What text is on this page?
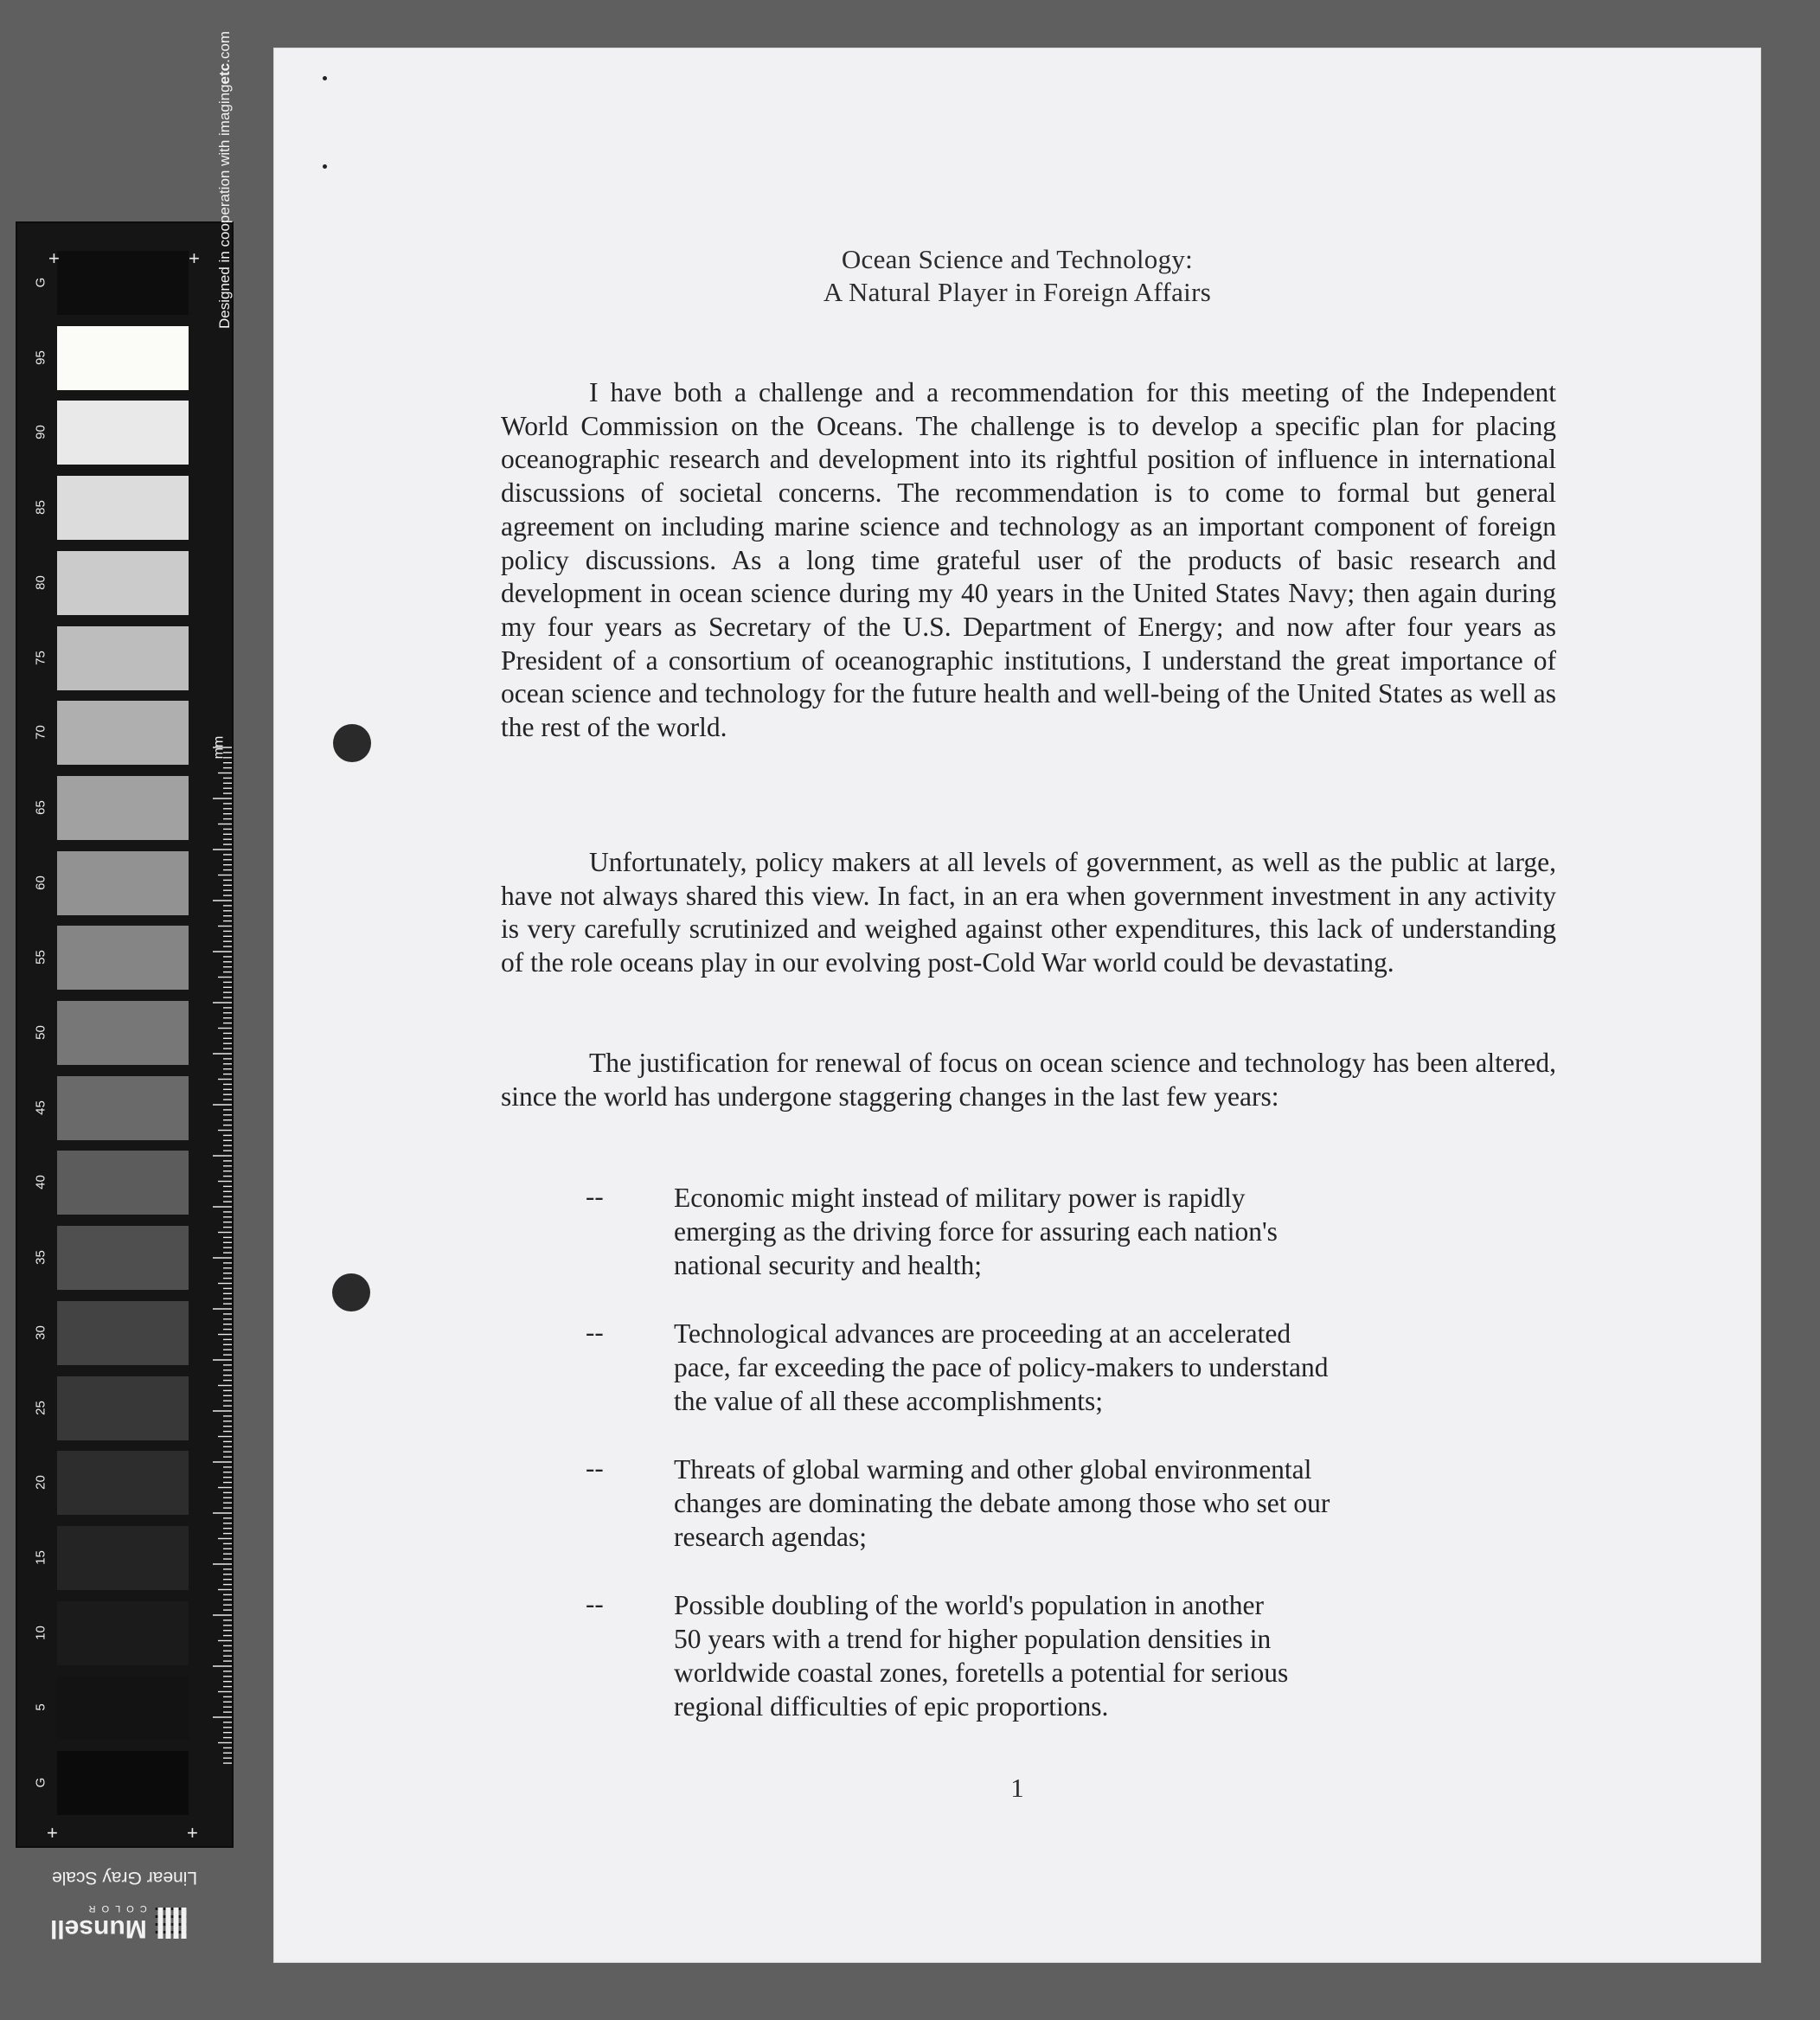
G
95
90
85
80
75
70
65
60
55
50
45
40
35
30
25
20
15
10
5
G
+	+
+	+
Designed in cooperation with imagingetc.com
mm
Linear Gray Scale
Munsell
COLOR
Ocean Science and Technology:
A Natural Player in Foreign Affairs

I have both a challenge and a recommendation for this meeting of the Independent World Commission on the Oceans. The challenge is to develop a specific plan for placing oceanographic research and development into its rightful position of influence in international discussions of societal concerns. The recommendation is to come to formal but general agreement on including marine science and technology as an important component of foreign policy discussions. As a long time grateful user of the products of basic research and development in ocean science during my 40 years in the United States Navy; then again during my four years as Secretary of the U.S. Department of Energy; and now after four years as President of a consortium of oceanographic institutions, I understand the great importance of ocean science and technology for the future health and well-being of the United States as well as the rest of the world.

Unfortunately, policy makers at all levels of government, as well as the public at large, have not always shared this view. In fact, in an era when government investment in any activity is very carefully scrutinized and weighed against other expenditures, this lack of understanding of the role oceans play in our evolving post-Cold War world could be devastating.

The justification for renewal of focus on ocean science and technology has been altered, since the world has undergone staggering changes in the last few years:

--	Economic might instead of military power is rapidly
emerging as the driving force for assuring each nation's
national security and health;

--	Technological advances are proceeding at an accelerated
pace, far exceeding the pace of policy-makers to understand
the value of all these accomplishments;

--	Threats of global warming and other global environmental
changes are dominating the debate among those who set our
research agendas;

--	Possible doubling of the world's population in another
50 years with a trend for higher population densities in
worldwide coastal zones, foretells a potential for serious
regional difficulties of epic proportions.

1
